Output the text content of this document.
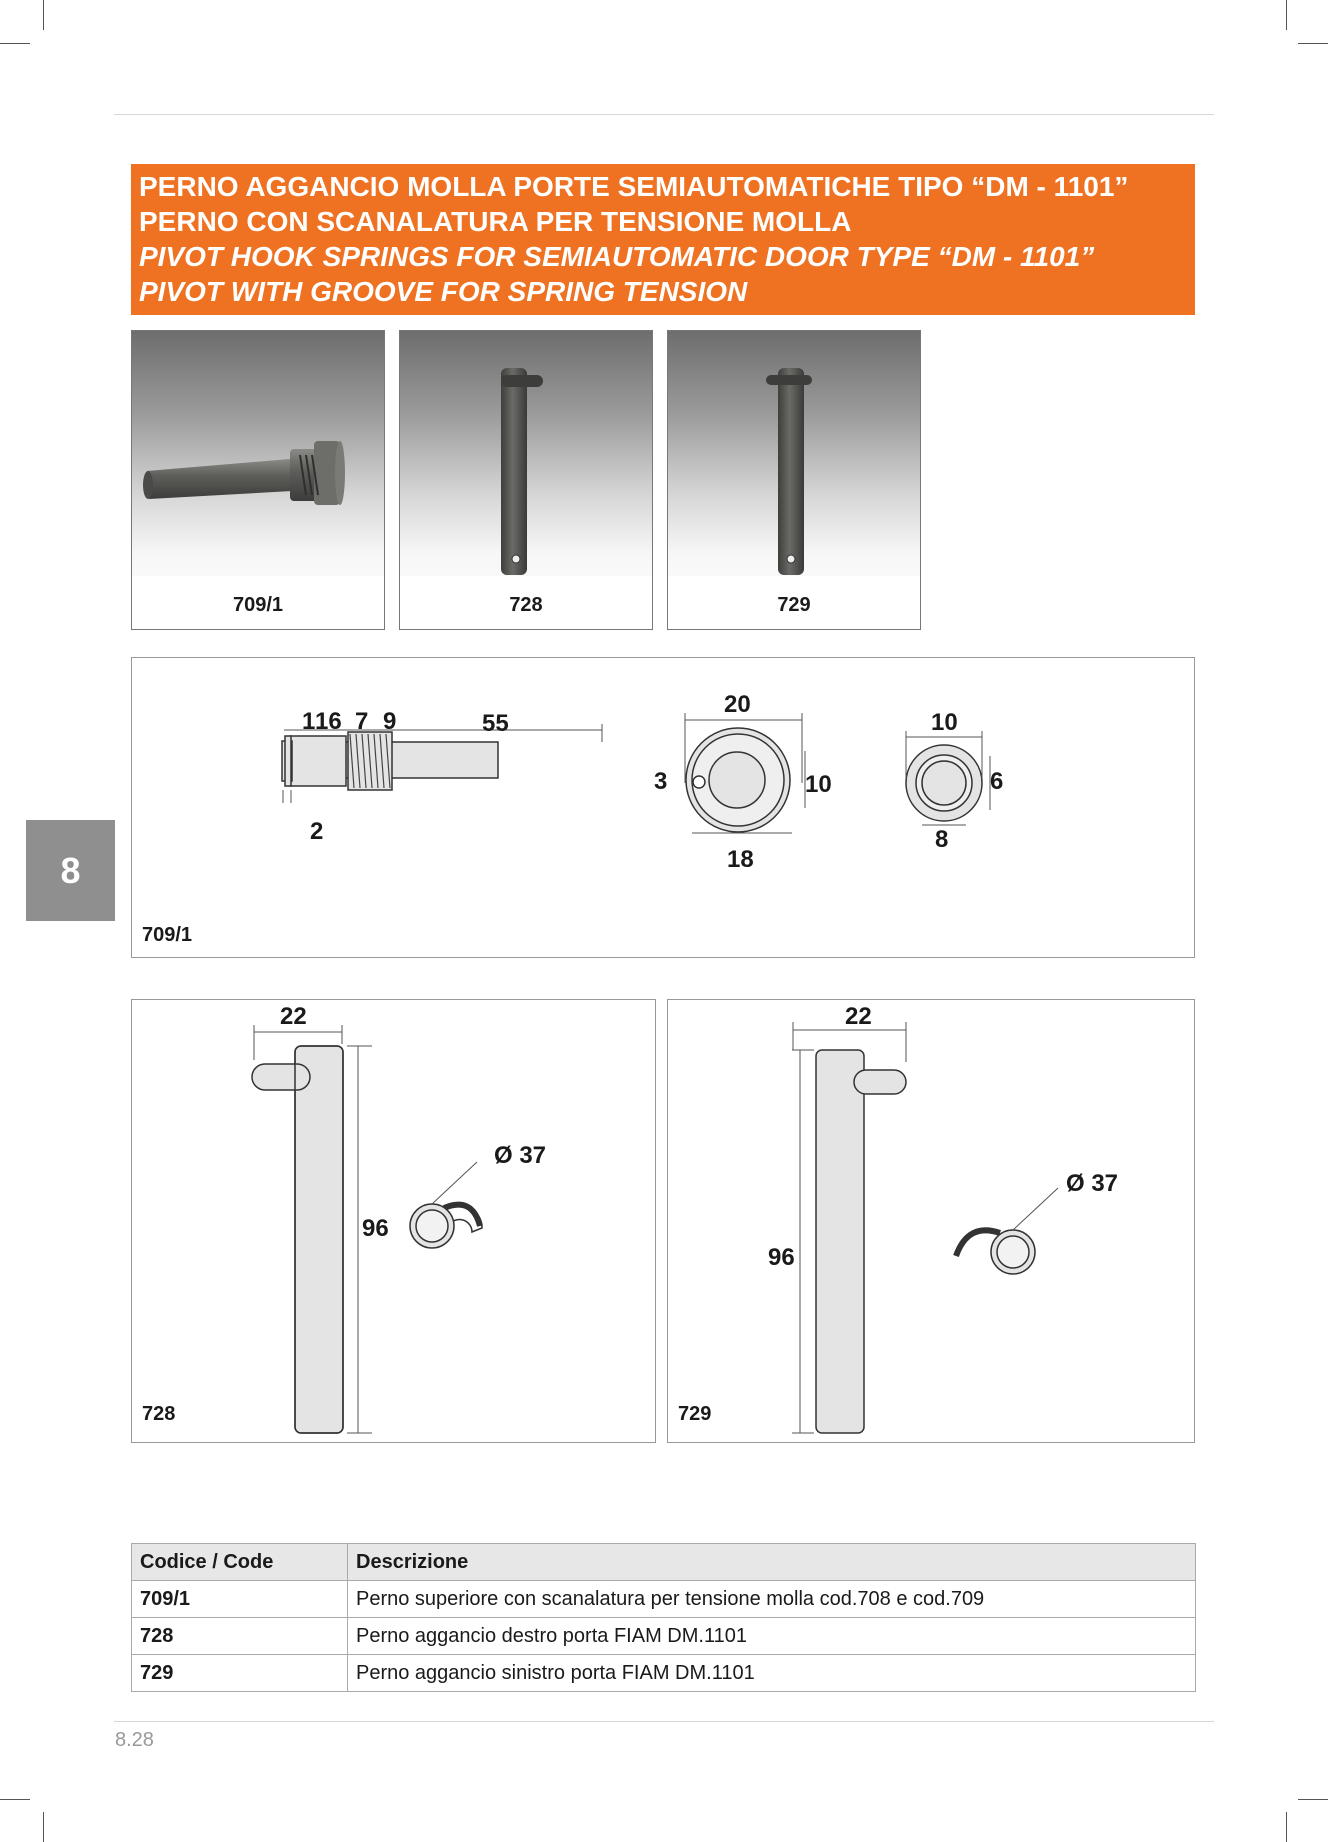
PERNO AGGANCIO MOLLA PORTE SEMIAUTOMATICHE TIPO “DM - 1101”
PERNO CON SCANALATURA PER TENSIONE MOLLA
PIVOT HOOK SPRINGS FOR SEMIAUTOMATIC DOOR TYPE “DM - 1101”
PIVOT WITH GROOVE FOR SPRING TENSION
709/1	728	729
8
1 16 7 9	55
2
20
3	10
18
10
6
8
709/1
22
96
Ø 37
728
22
96
Ø 37
729
Codice / Code	Descrizione
709/1	Perno superiore con scanalatura per tensione molla cod.708 e cod.709
728	Perno aggancio destro porta FIAM DM.1101
729	Perno aggancio sinistro porta FIAM DM.1101
8.28
